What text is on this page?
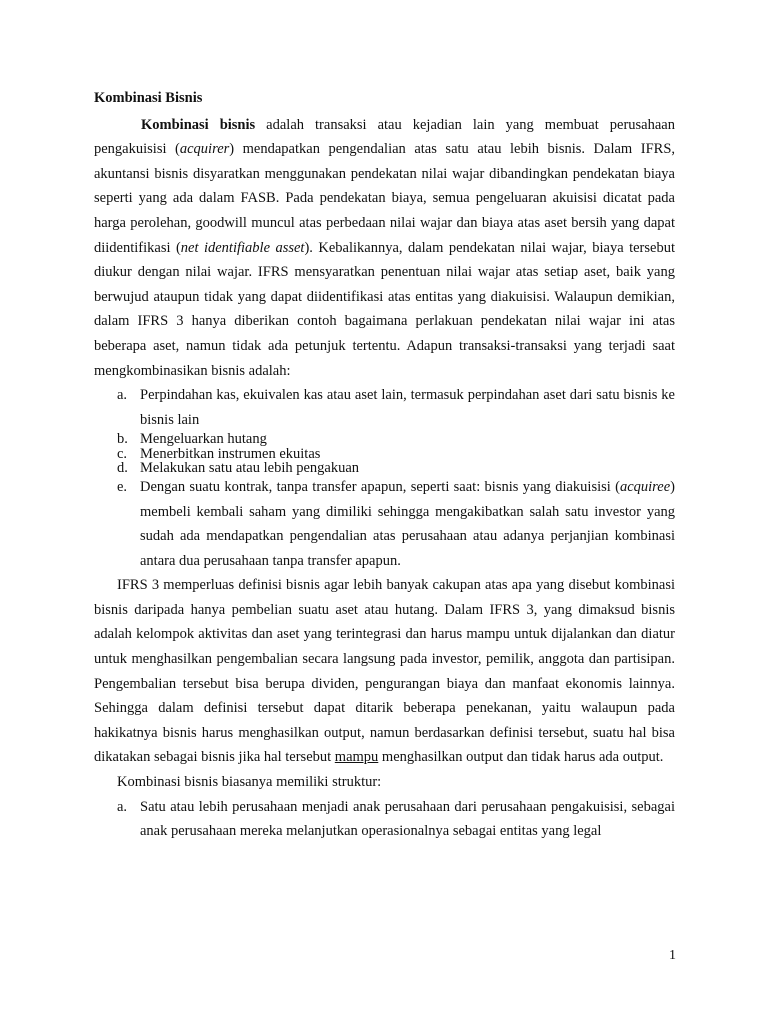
Kombinasi Bisnis

Kombinasi bisnis adalah transaksi atau kejadian lain yang membuat perusahaan pengakuisisi (acquirer) mendapatkan pengendalian atas satu atau lebih bisnis. Dalam IFRS, akuntansi bisnis disyaratkan menggunakan pendekatan nilai wajar dibandingkan pendekatan biaya seperti yang ada dalam FASB. Pada pendekatan biaya, semua pengeluaran akuisisi dicatat pada harga perolehan, goodwill muncul atas perbedaan nilai wajar dan biaya atas aset bersih yang dapat diidentifikasi (net identifiable asset). Kebalikannya, dalam pendekatan nilai wajar, biaya tersebut diukur dengan nilai wajar. IFRS mensyaratkan penentuan nilai wajar atas setiap aset, baik yang berwujud ataupun tidak yang dapat diidentifikasi atas entitas yang diakuisisi. Walaupun demikian, dalam IFRS 3 hanya diberikan contoh bagaimana perlakuan pendekatan nilai wajar ini atas beberapa aset, namun tidak ada petunjuk tertentu. Adapun transaksi-transaksi yang terjadi saat mengkombinasikan bisnis adalah:

a. Perpindahan kas, ekuivalen kas atau aset lain, termasuk perpindahan aset dari satu bisnis ke bisnis lain
b. Mengeluarkan hutang
c. Menerbitkan instrumen ekuitas
d. Melakukan satu atau lebih pengakuan
e. Dengan suatu kontrak, tanpa transfer apapun, seperti saat: bisnis yang diakuisisi (acquiree) membeli kembali saham yang dimiliki sehingga mengakibatkan salah satu investor yang sudah ada mendapatkan pengendalian atas perusahaan atau adanya perjanjian kombinasi antara dua perusahaan tanpa transfer apapun.

IFRS 3 memperluas definisi bisnis agar lebih banyak cakupan atas apa yang disebut kombinasi bisnis daripada hanya pembelian suatu aset atau hutang. Dalam IFRS 3, yang dimaksud bisnis adalah kelompok aktivitas dan aset yang terintegrasi dan harus mampu untuk dijalankan dan diatur untuk menghasilkan pengembalian secara langsung pada investor, pemilik, anggota dan partisipan. Pengembalian tersebut bisa berupa dividen, pengurangan biaya dan manfaat ekonomis lainnya. Sehingga dalam definisi tersebut dapat ditarik beberapa penekanan, yaitu walaupun pada hakikatnya bisnis harus menghasilkan output, namun berdasarkan definisi tersebut, suatu hal bisa dikatakan sebagai bisnis jika hal tersebut mampu menghasilkan output dan tidak harus ada output.

Kombinasi bisnis biasanya memiliki struktur:

a. Satu atau lebih perusahaan menjadi anak perusahaan dari perusahaan pengakuisisi, sebagai anak perusahaan mereka melanjutkan operasionalnya sebagai entitas yang legal
1
